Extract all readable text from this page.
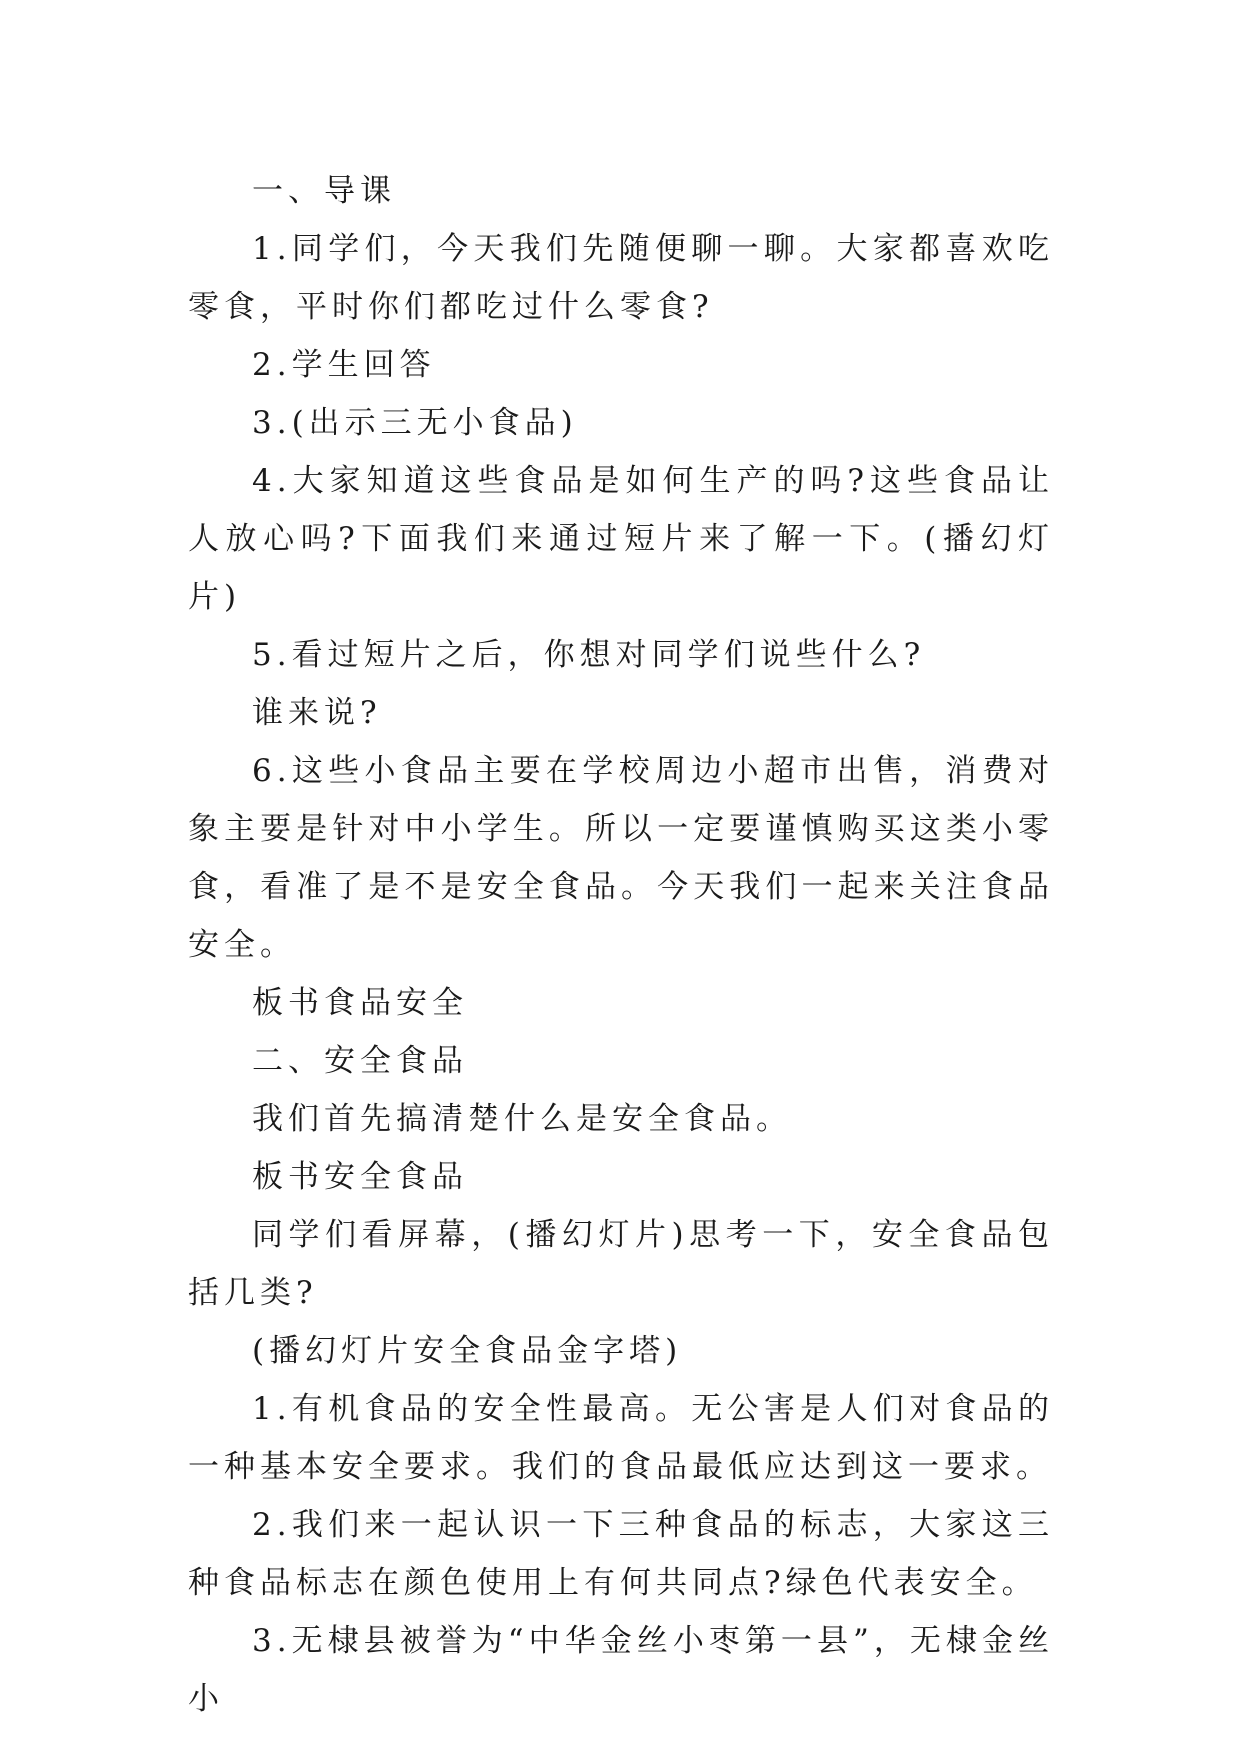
一、导课

1.同学们，今天我们先随便聊一聊。大家都喜欢吃零食，平时你们都吃过什么零食?

2.学生回答

3.(出示三无小食品)

4.大家知道这些食品是如何生产的吗?这些食品让人放心吗?下面我们来通过短片来了解一下。(播幻灯片)

5.看过短片之后，你想对同学们说些什么?

谁来说?

6.这些小食品主要在学校周边小超市出售，消费对象主要是针对中小学生。所以一定要谨慎购买这类小零食，看准了是不是安全食品。今天我们一起来关注食品安全。

板书食品安全

二、安全食品

我们首先搞清楚什么是安全食品。

板书安全食品

同学们看屏幕，(播幻灯片)思考一下，安全食品包括几类?

(播幻灯片安全食品金字塔)

1.有机食品的安全性最高。无公害是人们对食品的一种基本安全要求。我们的食品最低应达到这一要求。

2.我们来一起认识一下三种食品的标志，大家这三种食品标志在颜色使用上有何共同点?绿色代表安全。

3.无棣县被誉为“中华金丝小枣第一县”，无棣金丝小
